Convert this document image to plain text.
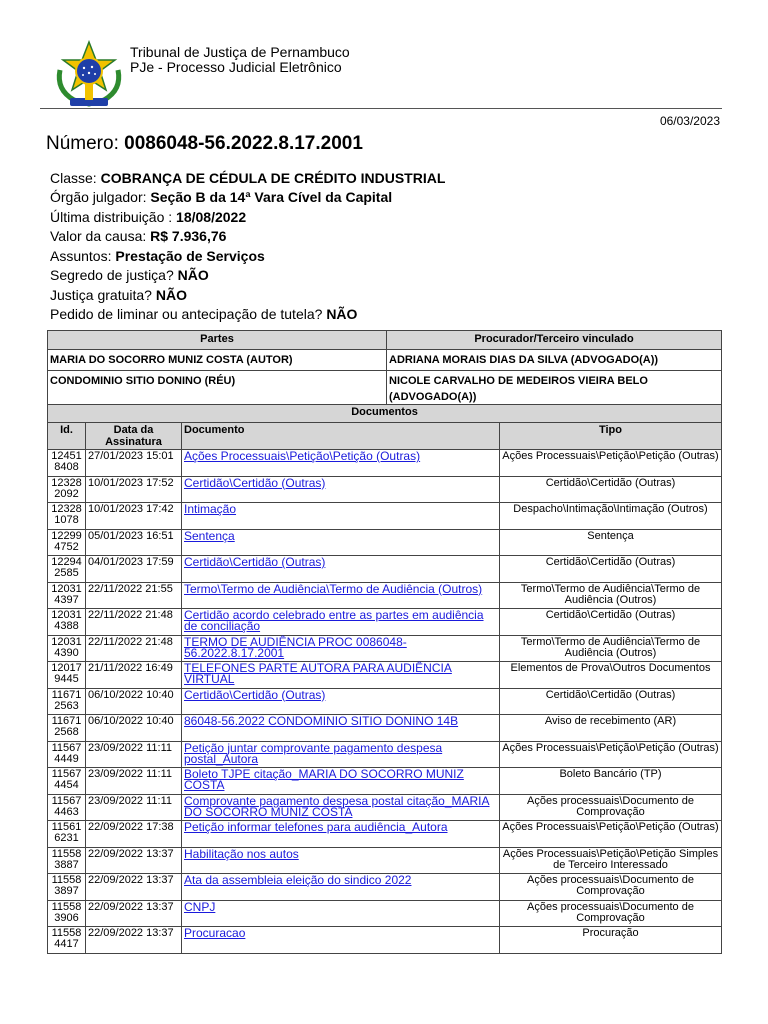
Tribunal de Justiça de Pernambuco
PJe - Processo Judicial Eletrônico
06/03/2023
Número: 0086048-56.2022.8.17.2001
Classe: COBRANÇA DE CÉDULA DE CRÉDITO INDUSTRIAL
Órgão julgador: Seção B da 14ª Vara Cível da Capital
Última distribuição : 18/08/2022
Valor da causa: R$ 7.936,76
Assuntos: Prestação de Serviços
Segredo de justiça? NÃO
Justiça gratuita? NÃO
Pedido de liminar ou antecipação de tutela? NÃO
Partes	Procurador/Terceiro vinculado
MARIA DO SOCORRO MUNIZ COSTA (AUTOR)	ADRIANA MORAIS DIAS DA SILVA (ADVOGADO(A))
CONDOMINIO SITIO DONINO (RÉU)	NICOLE CARVALHO DE MEDEIROS VIEIRA BELO (ADVOGADO(A))
Documentos			
Id.	Data da Assinatura	Documento	Tipo
124518408	27/01/2023 15:01	Ações Processuais\Petição\Petição (Outras)	Ações Processuais\Petição\Petição (Outras)
123282092	10/01/2023 17:52	Certidão\Certidão (Outras)	Certidão\Certidão (Outras)
123281078	10/01/2023 17:42	Intimação	Despacho\Intimação\Intimação (Outros)
122994752	05/01/2023 16:51	Sentença	Sentença
122942585	04/01/2023 17:59	Certidão\Certidão (Outras)	Certidão\Certidão (Outras)
120314397	22/11/2022 21:55	Termo\Termo de Audiência\Termo de Audiência (Outros)	Termo\Termo de Audiência\Termo de Audiência (Outros)
120314388	22/11/2022 21:48	Certidão acordo celebrado entre as partes em audiência de conciliação	Certidão\Certidão (Outras)
120314390	22/11/2022 21:48	TERMO DE AUDIÊNCIA PROC 0086048-56.2022.8.17.2001	Termo\Termo de Audiência\Termo de Audiência (Outros)
120179445	21/11/2022 16:49	TELEFONES PARTE AUTORA PARA AUDIÊNCIA VIRTUAL	Elementos de Prova\Outros Documentos
116712563	06/10/2022 10:40	Certidão\Certidão (Outras)	Certidão\Certidão (Outras)
116712568	06/10/2022 10:40	86048-56.2022 CONDOMINIO SITIO DONINO 14B	Aviso de recebimento (AR)
115674449	23/09/2022 11:11	Petição juntar comprovante pagamento despesa postal_Autora	Ações Processuais\Petição\Petição (Outras)
115674454	23/09/2022 11:11	Boleto TJPE citação_MARIA DO SOCORRO MUNIZ COSTA	Boleto Bancário (TP)
115674463	23/09/2022 11:11	Comprovante pagamento despesa postal citação_MARIA DO SOCORRO MUNIZ COSTA	Ações processuais\Documento de Comprovação
115616231	22/09/2022 17:38	Petição informar telefones para audiência_Autora	Ações Processuais\Petição\Petição (Outras)
115583887	22/09/2022 13:37	Habilitação nos autos	Ações Processuais\Petição\Petição Simples de Terceiro Interessado
115583897	22/09/2022 13:37	Ata da assembleia eleição do sindico 2022	Ações processuais\Documento de Comprovação
115583906	22/09/2022 13:37	CNPJ	Ações processuais\Documento de Comprovação
115584417	22/09/2022 13:37	Procuracao	Procuração
